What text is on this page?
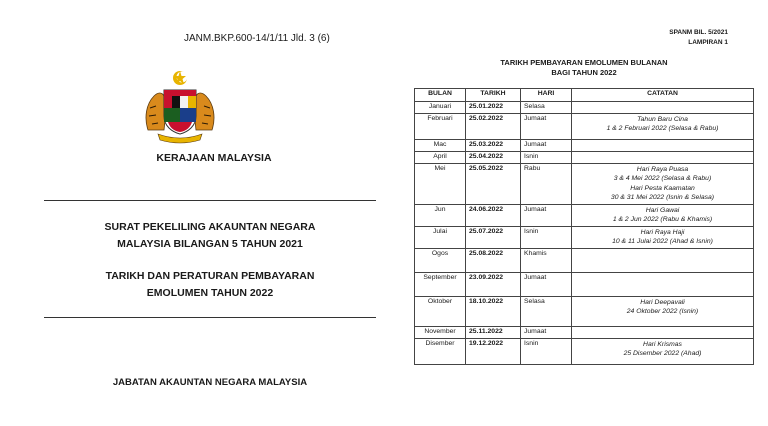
JANM.BKP.600-14/1/11 Jld. 3 (6)
KERAJAAN MALAYSIA
SURAT PEKELILING AKAUNTAN NEGARA
MALAYSIA BILANGAN 5 TAHUN 2021
TARIKH DAN PERATURAN PEMBAYARAN
EMOLUMEN TAHUN 2022
JABATAN AKAUNTAN NEGARA MALAYSIA
SPANM BIL. 5/2021
LAMPIRAN 1
TARIKH PEMBAYARAN EMOLUMEN BULANAN
BAGI TAHUN 2022
BULAN	TARIKH	HARI	CATATAN
Januari	25.01.2022	Selasa	
Februari	25.02.2022	Jumaat	Tahun Baru Cina
1 & 2 Februari 2022 (Selasa & Rabu)

Mac	25.03.2022	Jumaat	
April	25.04.2022	Isnin	
Mei	25.05.2022	Rabu	Hari Raya Puasa
3 & 4 Mei 2022 (Selasa & Rabu)
Hari Pesta Kaamatan
30 & 31 Mei 2022 (Isnin & Selasa)

Jun	24.06.2022	Jumaat	Hari Gawai
1 & 2 Jun 2022 (Rabu & Khamis)

Julai	25.07.2022	Isnin	Hari Raya Haji
10 & 11 Julai 2022 (Ahad & Isnin)

Ogos	25.08.2022	Khamis	
September	23.09.2022	Jumaat	
Oktober	18.10.2022	Selasa	Hari Deepavali
24 Oktober 2022 (Isnin)

November	25.11.2022	Jumaat	
Disember	19.12.2022	Isnin	Hari Krismas
25 Disember 2022 (Ahad)
